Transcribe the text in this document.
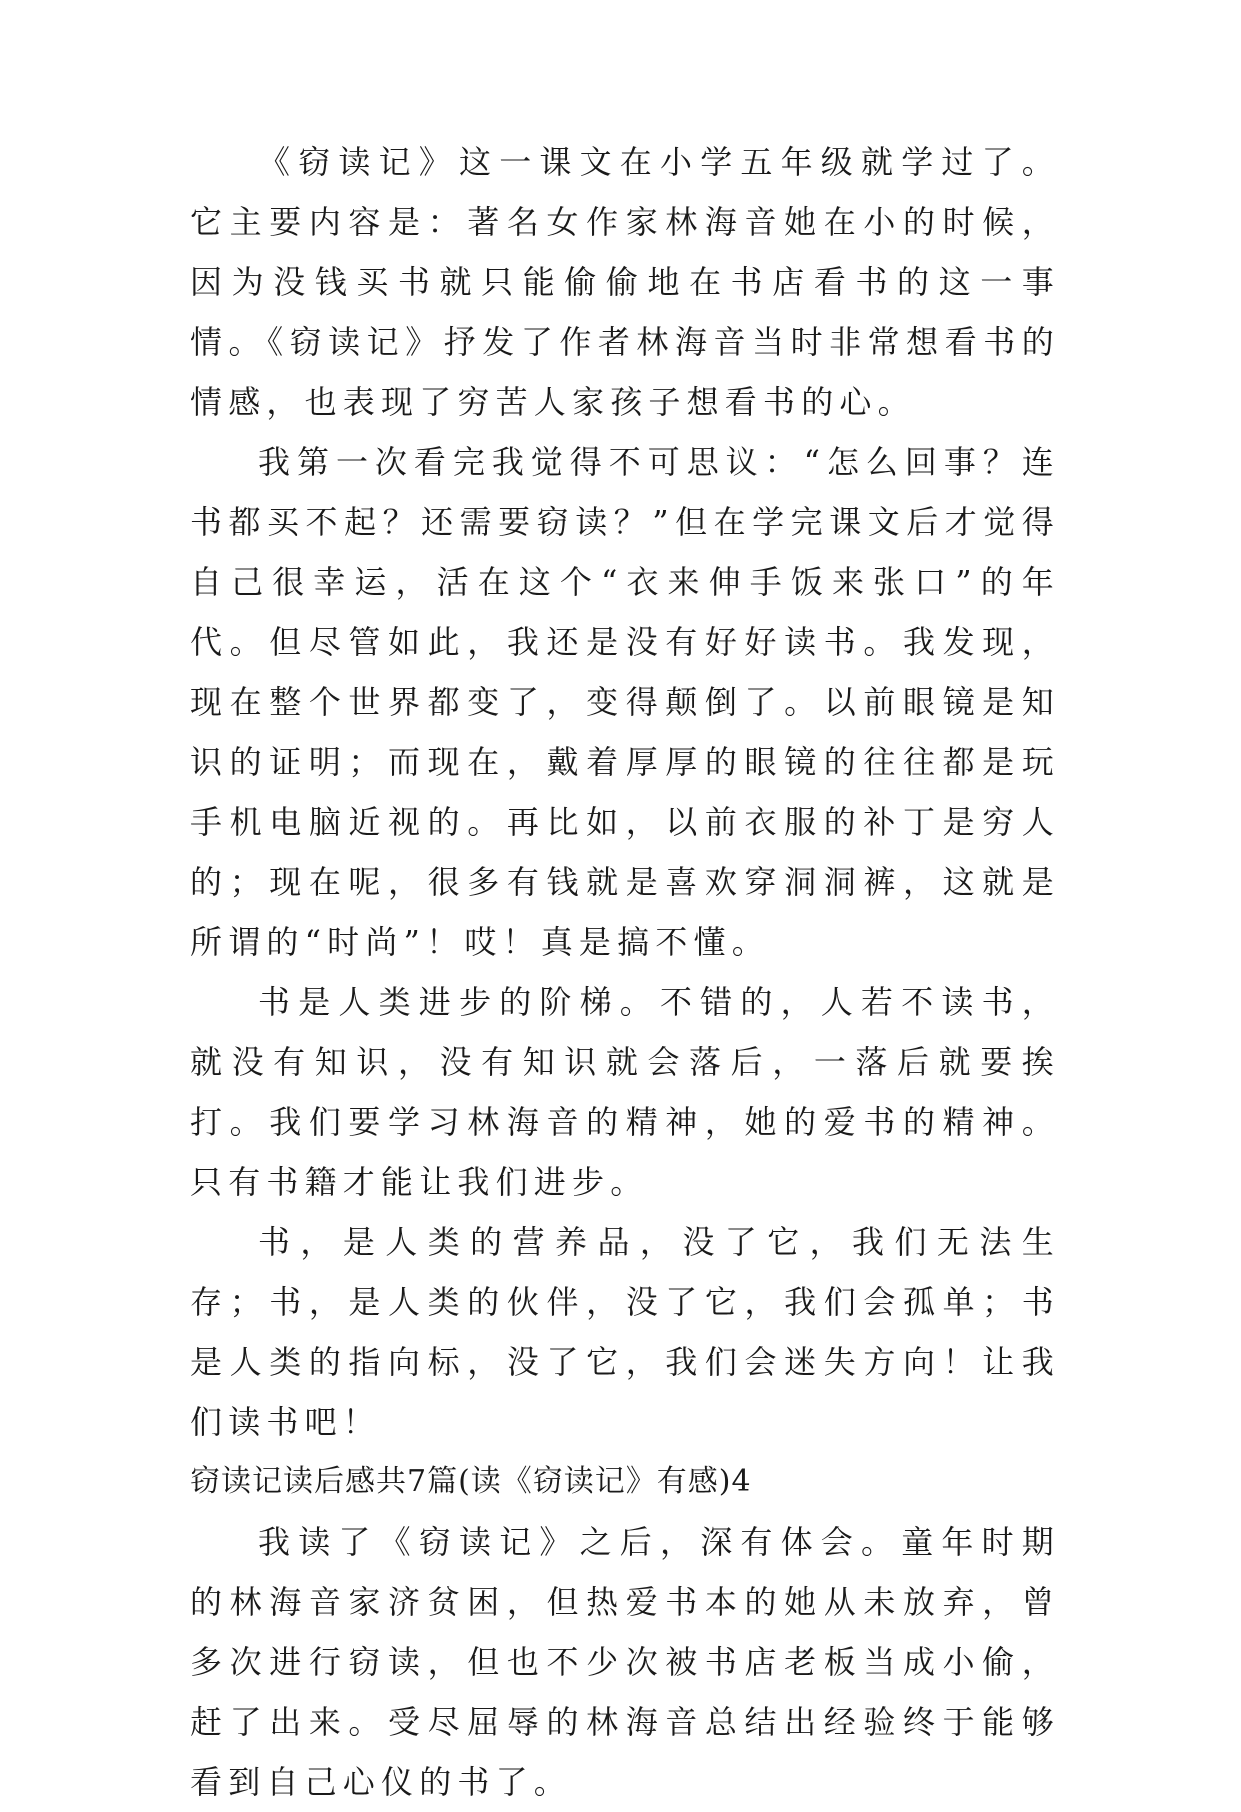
《窃读记》这一课文在小学五年级就学过了。它主要内容是：著名女作家林海音她在小的时候，因为没钱买书就只能偷偷地在书店看书的这一事情。《窃读记》抒发了作者林海音当时非常想看书的情感，也表现了穷苦人家孩子想看书的心。

我第一次看完我觉得不可思议：“怎么回事？连书都买不起？还需要窃读？”但在学完课文后才觉得自己很幸运，活在这个“衣来伸手饭来张口”的年代。但尽管如此，我还是没有好好读书。我发现，现在整个世界都变了，变得颠倒了。以前眼镜是知识的证明；而现在，戴着厚厚的眼镜的往往都是玩手机电脑近视的。再比如，以前衣服的补丁是穷人的；现在呢，很多有钱就是喜欢穿洞洞裤，这就是所谓的“时尚”！哎！真是搞不懂。

书是人类进步的阶梯。不错的，人若不读书，就没有知识，没有知识就会落后，一落后就要挨打。我们要学习林海音的精神，她的爱书的精神。只有书籍才能让我们进步。

书，是人类的营养品，没了它，我们无法生存；书，是人类的伙伴，没了它，我们会孤单；书是人类的指向标，没了它，我们会迷失方向！让我们读书吧！

窃读记读后感共7篇(读《窃读记》有感)4

我读了《窃读记》之后，深有体会。童年时期的林海音家济贫困，但热爱书本的她从未放弃，曾多次进行窃读，但也不少次被书店老板当成小偷，赶了出来。受尽屈辱的林海音总结出经验终于能够看到自己心仪的书了。
